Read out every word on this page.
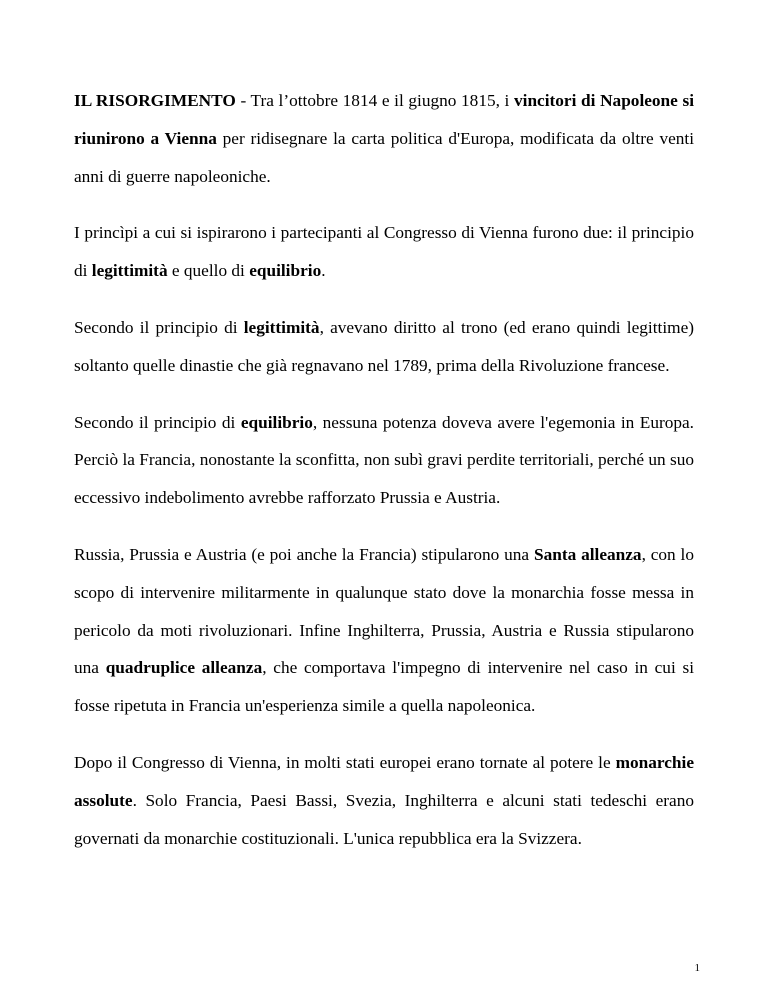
IL RISORGIMENTO - Tra l’ottobre 1814 e il giugno 1815, i vincitori di Napoleone si riunirono a Vienna per ridisegnare la carta politica d'Europa, modificata da oltre venti anni di guerre napoleoniche.

I princìpi a cui si ispirarono i partecipanti al Congresso di Vienna furono due: il principio di legittimità e quello di equilibrio.

Secondo il principio di legittimità, avevano diritto al trono (ed erano quindi legittime) soltanto quelle dinastie che già regnavano nel 1789, prima della Rivoluzione francese.

Secondo il principio di equilibrio, nessuna potenza doveva avere l'egemonia in Europa. Perciò la Francia, nonostante la sconfitta, non subì gravi perdite territoriali, perché un suo eccessivo indebolimento avrebbe rafforzato Prussia e Austria.

Russia, Prussia e Austria (e poi anche la Francia) stipularono una Santa alleanza, con lo scopo di intervenire militarmente in qualunque stato dove la monarchia fosse messa in pericolo da moti rivoluzionari. Infine Inghilterra, Prussia, Austria e Russia stipularono una quadruplice alleanza, che comportava l'impegno di intervenire nel caso in cui si fosse ripetuta in Francia un'esperienza simile a quella napoleonica.

Dopo il Congresso di Vienna, in molti stati europei erano tornate al potere le monarchie assolute. Solo Francia, Paesi Bassi, Svezia, Inghilterra e alcuni stati tedeschi erano governati da monarchie costituzionali. L'unica repubblica era la Svizzera.

1
